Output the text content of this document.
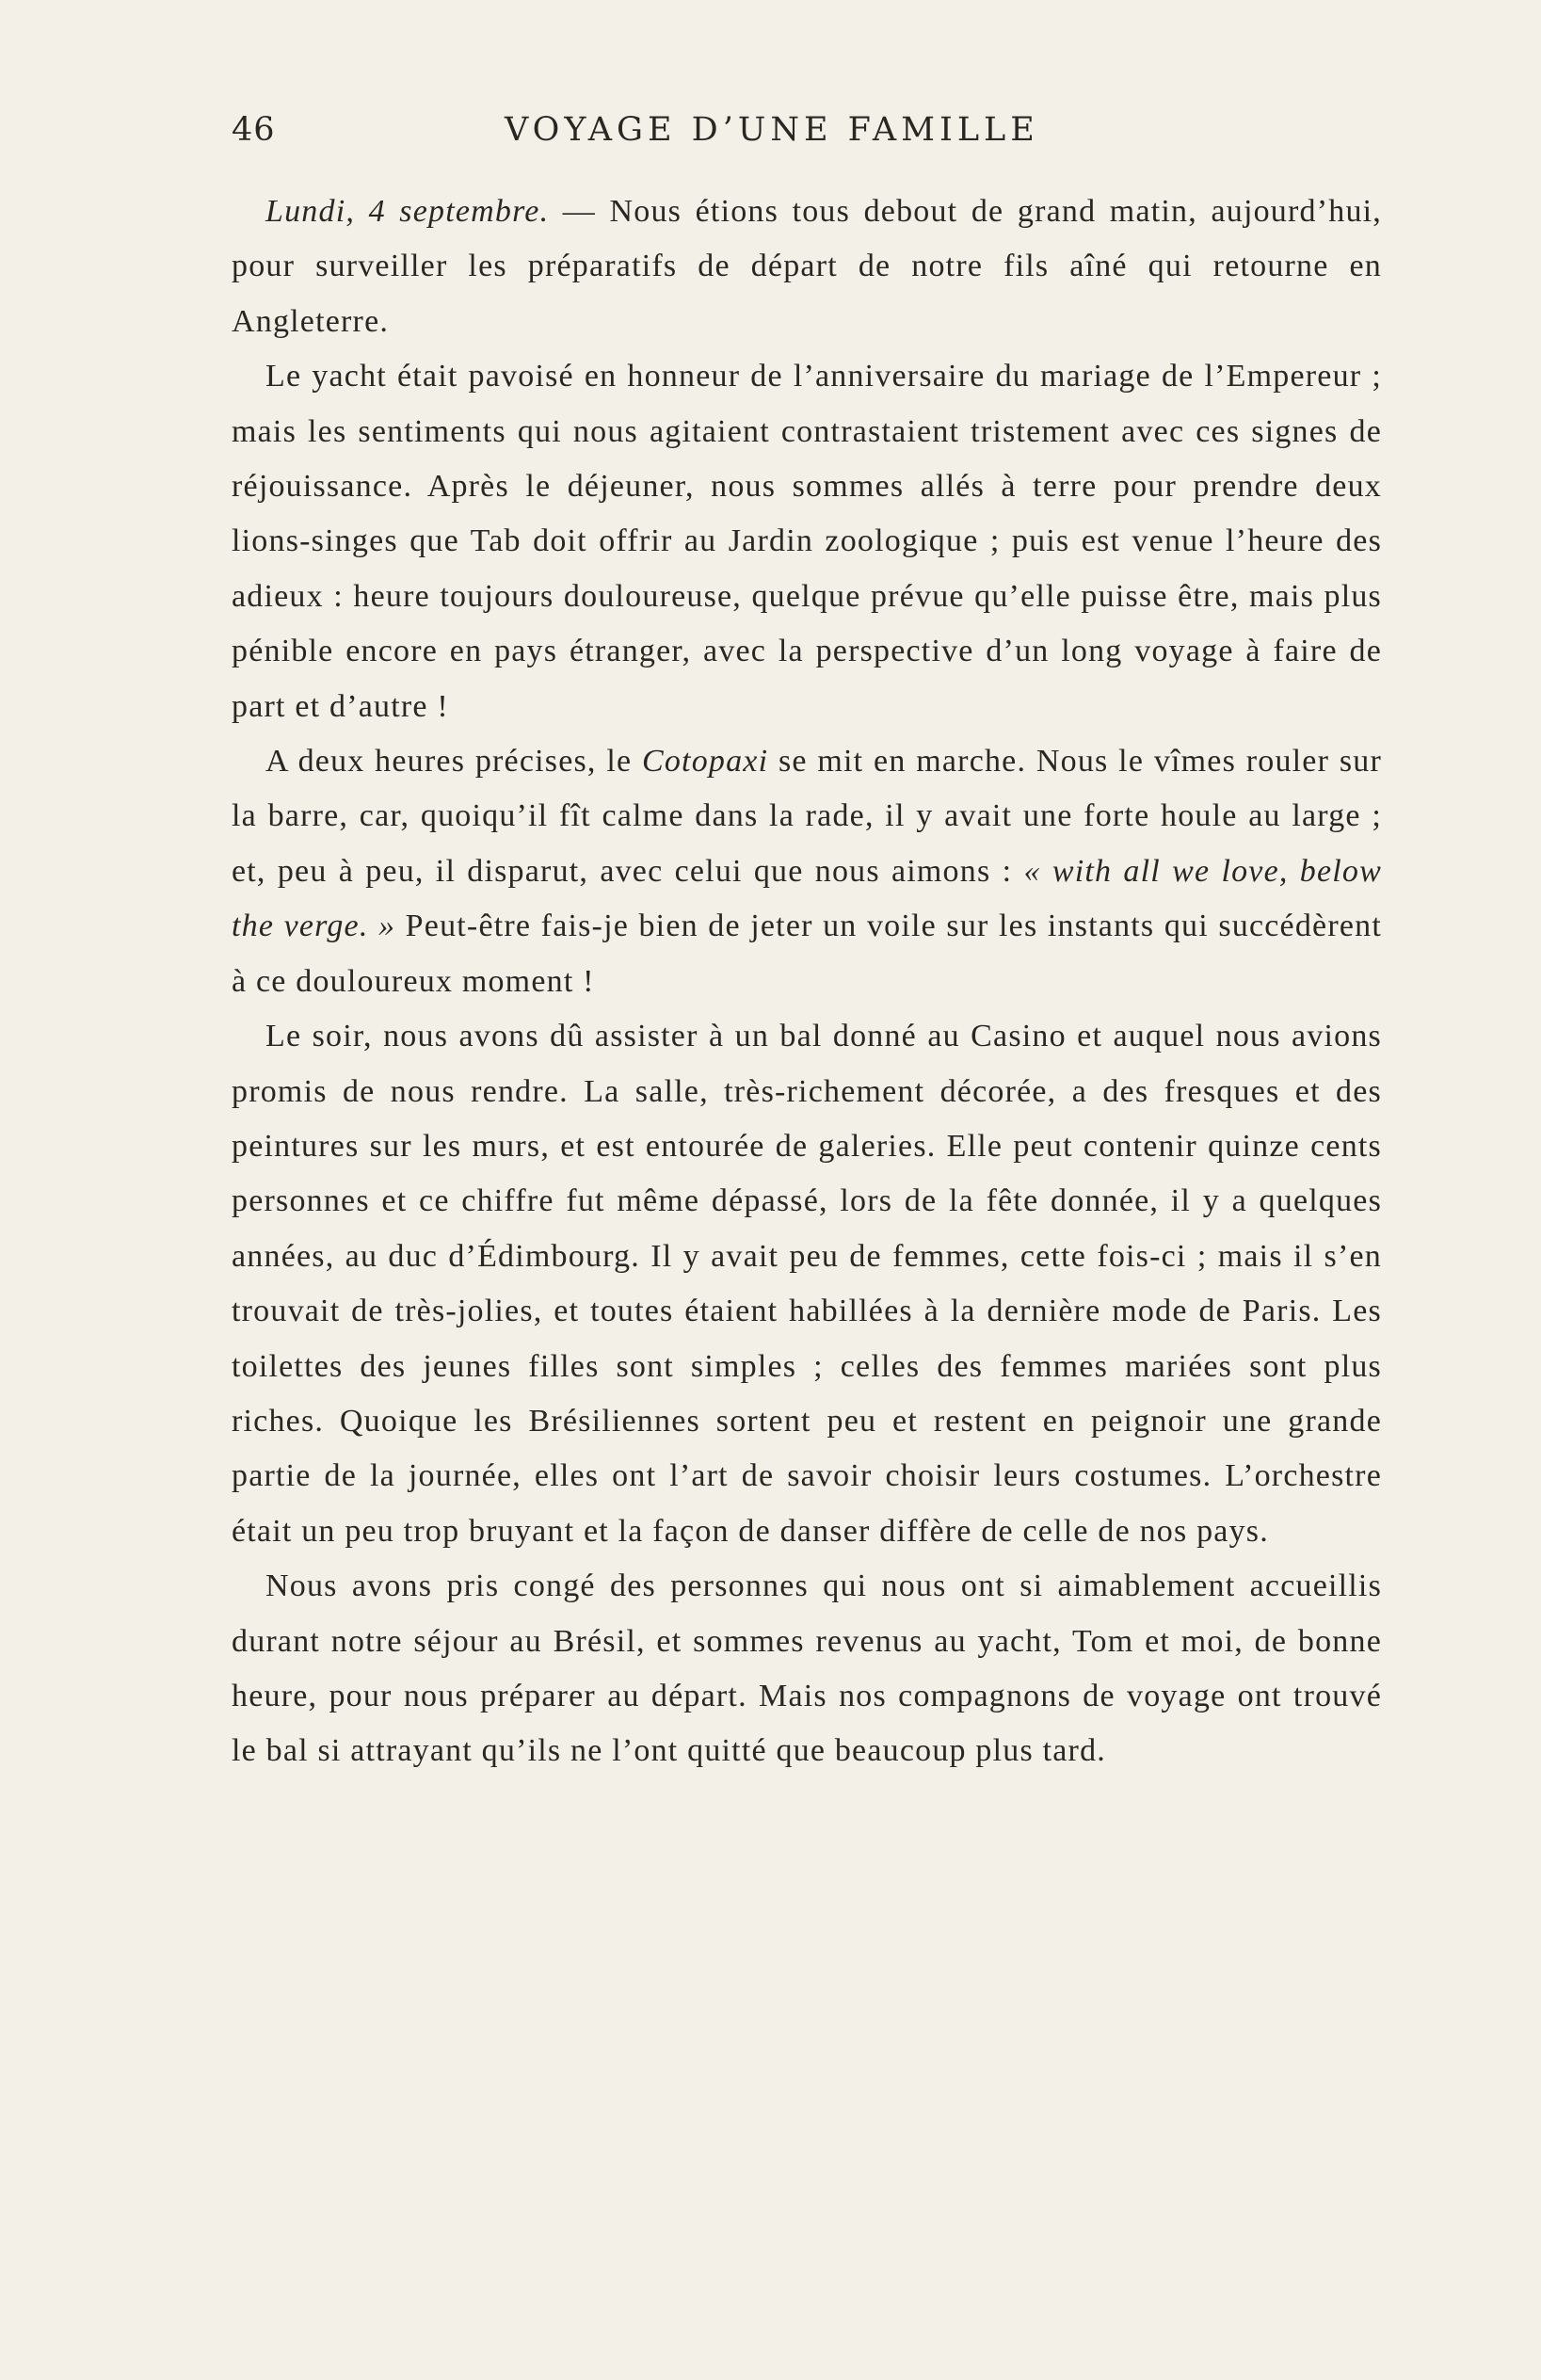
46	VOYAGE D’UNE FAMILLE

Lundi, 4 septembre. — Nous étions tous debout de grand matin, aujourd’hui, pour surveiller les préparatifs de départ de notre fils aîné qui retourne en Angleterre.

Le yacht était pavoisé en honneur de l’anniversaire du mariage de l’Empereur ; mais les sentiments qui nous agitaient contrastaient tristement avec ces signes de réjouissance. Après le déjeuner, nous sommes allés à terre pour prendre deux lions-singes que Tab doit offrir au Jardin zoologique ; puis est venue l’heure des adieux : heure toujours douloureuse, quelque prévue qu’elle puisse être, mais plus pénible encore en pays étranger, avec la perspective d’un long voyage à faire de part et d’autre !

A deux heures précises, le Cotopaxi se mit en marche. Nous le vîmes rouler sur la barre, car, quoiqu’il fît calme dans la rade, il y avait une forte houle au large ; et, peu à peu, il disparut, avec celui que nous aimons : « with all we love, below the verge. » Peut-être fais-je bien de jeter un voile sur les instants qui succédèrent à ce douloureux moment !

Le soir, nous avons dû assister à un bal donné au Casino et auquel nous avions promis de nous rendre. La salle, très-richement décorée, a des fresques et des peintures sur les murs, et est entourée de galeries. Elle peut contenir quinze cents personnes et ce chiffre fut même dépassé, lors de la fête donnée, il y a quelques années, au duc d’Édimbourg. Il y avait peu de femmes, cette fois-ci ; mais il s’en trouvait de très-jolies, et toutes étaient habillées à la dernière mode de Paris. Les toilettes des jeunes filles sont simples ; celles des femmes mariées sont plus riches. Quoique les Brésiliennes sortent peu et restent en peignoir une grande partie de la journée, elles ont l’art de savoir choisir leurs costumes. L’orchestre était un peu trop bruyant et la façon de danser diffère de celle de nos pays.

Nous avons pris congé des personnes qui nous ont si aimablement accueillis durant notre séjour au Brésil, et sommes revenus au yacht, Tom et moi, de bonne heure, pour nous préparer au départ. Mais nos compagnons de voyage ont trouvé le bal si attrayant qu’ils ne l’ont quitté que beaucoup plus tard.
